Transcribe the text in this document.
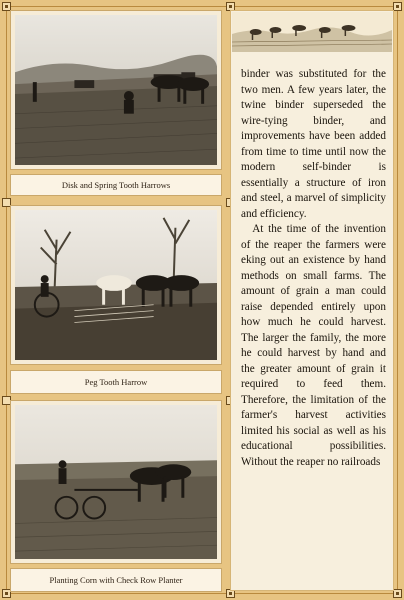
Disk and Spring Tooth Harrows
Peg Tooth Harrow
Planting Corn with Check Row Planter

binder was substituted for the two men. A few years later, the twine binder superseded the wire-tying binder, and improvements have been added from time to time until now the modern self-binder is essentially a structure of iron and steel, a marvel of simplicity and efficiency.

At the time of the invention of the reaper the farmers were eking out an existence by hand methods on small farms. The amount of grain a man could raise depended entirely upon how much he could harvest. The larger the family, the more he could harvest by hand and the greater amount of grain it required to feed them. Therefore, the limitation of the farmer's harvest activities limited his social as well as his educational possibilities. Without the reaper no railroads
